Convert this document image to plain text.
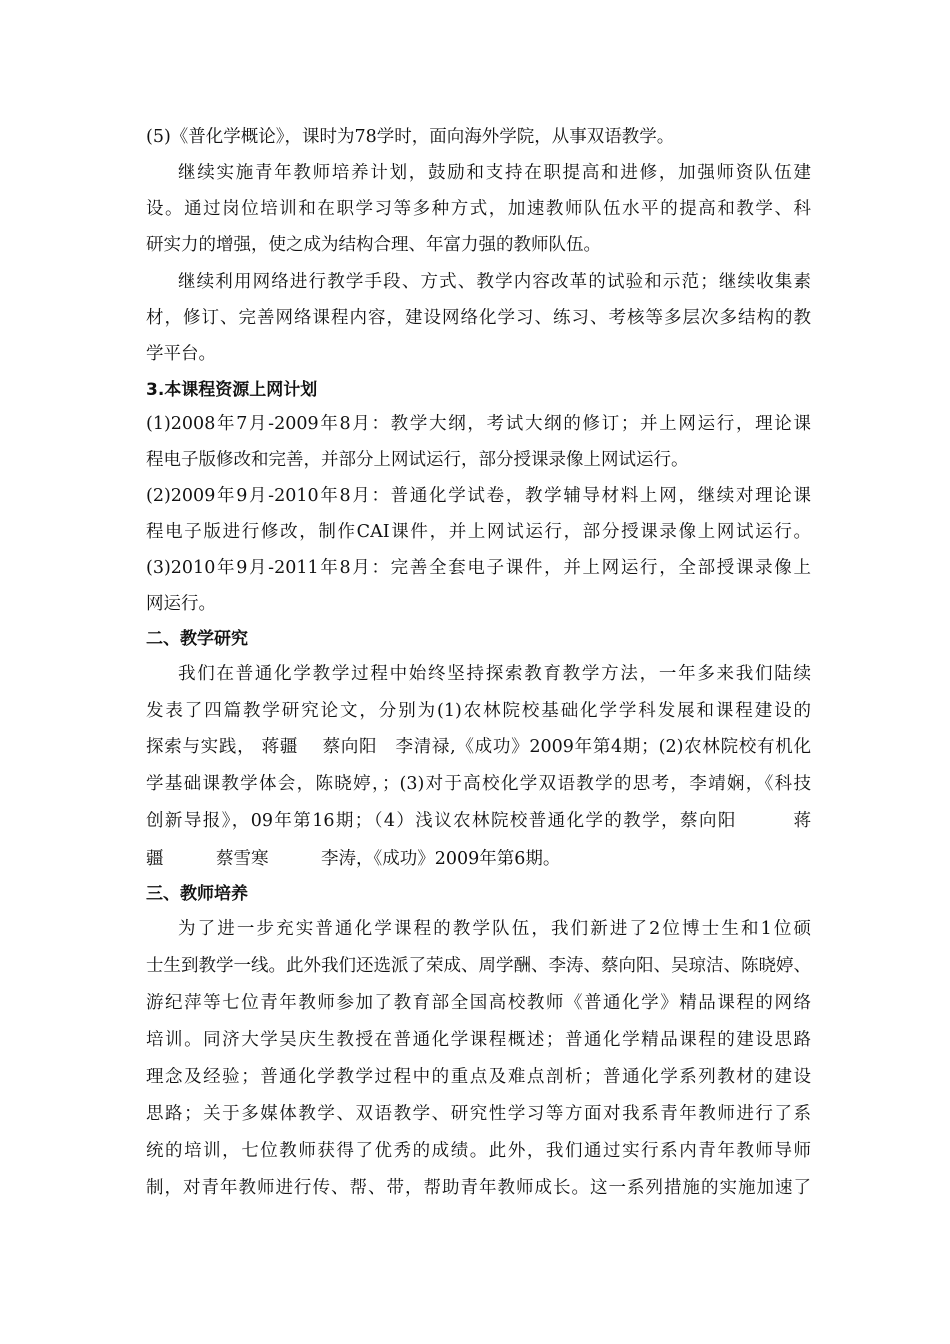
(5)《普化学概论》，课时为78学时，面向海外学院，从事双语教学。
继续实施青年教师培养计划，鼓励和支持在职提高和进修，加强师资队伍建
设。通过岗位培训和在职学习等多种方式，加速教师队伍水平的提高和教学、科
研实力的增强，使之成为结构合理、年富力强的教师队伍。
继续利用网络进行教学手段、方式、教学内容改革的试验和示范；继续收集素
材，修订、完善网络课程内容，建设网络化学习、练习、考核等多层次多结构的教
学平台。
3.本课程资源上网计划
(1)2008年7月-2009年8月：教学大纲，考试大纲的修订；并上网运行，理论课
程电子版修改和完善，并部分上网试运行，部分授课录像上网试运行。
(2)2009年9月-2010年8月：普通化学试卷，教学辅导材料上网，继续对理论课
程电子版进行修改，制作CAI课件，并上网试运行，部分授课录像上网试运行。
(3)2010年9月-2011年8月：完善全套电子课件，并上网运行，全部授课录像上
网运行。
二、教学研究
我们在普通化学教学过程中始终坚持探索教育教学方法，一年多来我们陆续
发表了四篇教学研究论文，分别为(1)农林院校基础化学学科发展和课程建设的
探索与实践， 蒋疆　 蔡向阳　李清禄,《成功》2009年第4期；(2)农林院校有机化
学基础课教学体会，陈晓婷，；(3)对于高校化学双语教学的思考，李靖娴，《科技
创新导报》，09年第16期；（4）浅议农林院校普通化学的教学，蔡向阳　　　蒋
疆　　　蔡雪寒　　　李涛，《成功》2009年第6期。
三、教师培养
为了进一步充实普通化学课程的教学队伍，我们新进了2位博士生和1位硕
士生到教学一线。此外我们还选派了荣成、周学酬、李涛、蔡向阳、吴琼洁、陈晓婷、
游纪萍等七位青年教师参加了教育部全国高校教师《普通化学》精品课程的网络
培训。同济大学吴庆生教授在普通化学课程概述；普通化学精品课程的建设思路
理念及经验；普通化学教学过程中的重点及难点剖析；普通化学系列教材的建设
思路；关于多媒体教学、双语教学、研究性学习等方面对我系青年教师进行了系
统的培训，七位教师获得了优秀的成绩。此外，我们通过实行系内青年教师导师
制，对青年教师进行传、帮、带，帮助青年教师成长。这一系列措施的实施加速了
